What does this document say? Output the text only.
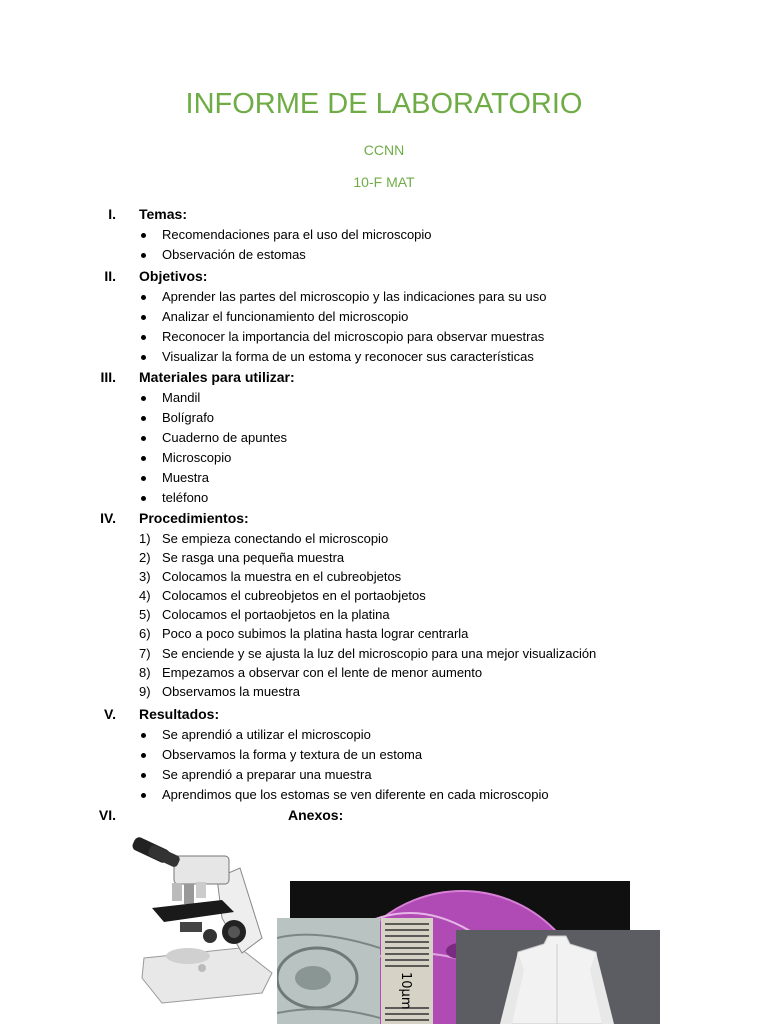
INFORME DE LABORATORIO
CCNN
10-F MAT
I. Temas:
Recomendaciones para el uso del microscopio
Observación de estomas
II. Objetivos:
Aprender las partes del microscopio y las indicaciones para su uso
Analizar el funcionamiento del microscopio
Reconocer la importancia del microscopio para observar muestras
Visualizar la forma de un estoma y reconocer sus características
III. Materiales para utilizar:
Mandil
Bolígrafo
Cuaderno de apuntes
Microscopio
Muestra
teléfono
IV. Procedimientos:
1) Se empieza conectando el microscopio
2) Se rasga una pequeña muestra
3) Colocamos la muestra en el cubreobjetos
4) Colocamos el cubreobjetos en el portaobjetos
5) Colocamos el portaobjetos en la platina
6) Poco a poco subimos la platina hasta lograr centrarla
7) Se enciende y se ajusta la luz del microscopio para una mejor visualización
8) Empezamos a observar con el lente de menor aumento
9) Observamos la muestra
V. Resultados:
Se aprendió a utilizar el microscopio
Observamos la forma y textura de un estoma
Se aprendió a preparar una muestra
Aprendimos que los estomas se ven diferente en cada microscopio
VI.	Anexos:
10μm
